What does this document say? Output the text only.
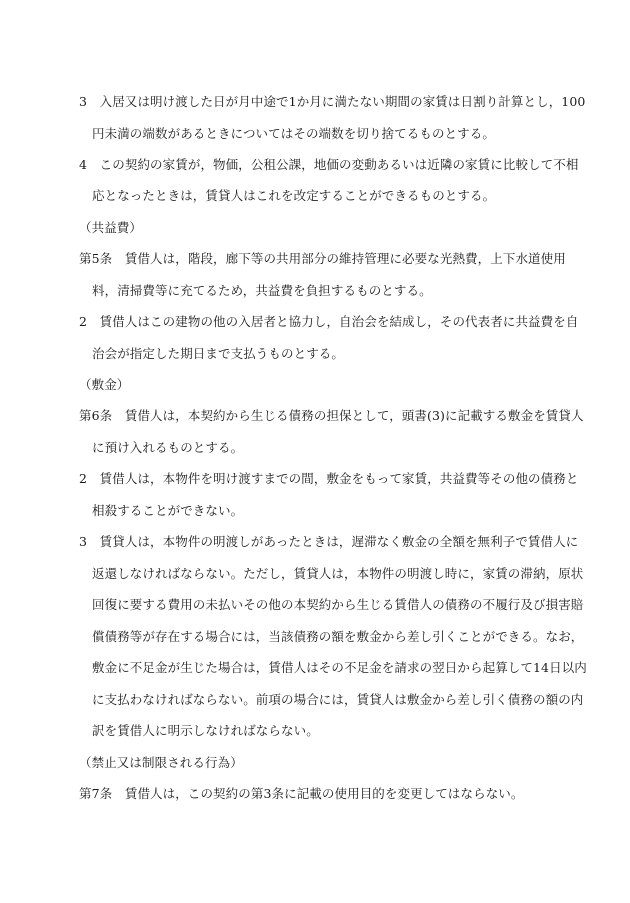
3　入居又は明け渡した日が月中途で1か月に満たない期間の家賃は日割り計算とし，100
円未満の端数があるときについてはその端数を切り捨てるものとする。
4　この契約の家賃が，物価，公租公課，地価の変動あるいは近隣の家賃に比較して不相
応となったときは，賃貸人はこれを改定することができるものとする。
（共益費）
第5条　賃借人は，階段，廊下等の共用部分の維持管理に必要な光熱費，上下水道使用
料，清掃費等に充てるため，共益費を負担するものとする。
2　賃借人はこの建物の他の入居者と協力し，自治会を結成し，その代表者に共益費を自
治会が指定した期日まで支払うものとする。
（敷金）
第6条　賃借人は，本契約から生じる債務の担保として，頭書(3)に記載する敷金を賃貸人
に預け入れるものとする。
2　賃借人は，本物件を明け渡すまでの間，敷金をもって家賃，共益費等その他の債務と
相殺することができない。
3　賃貸人は，本物件の明渡しがあったときは，遅滞なく敷金の全額を無利子で賃借人に
返還しなければならない。ただし，賃貸人は，本物件の明渡し時に，家賃の滞納，原状
回復に要する費用の未払いその他の本契約から生じる賃借人の債務の不履行及び損害賠
償債務等が存在する場合には，当該債務の額を敷金から差し引くことができる。なお，
敷金に不足金が生じた場合は，賃借人はその不足金を請求の翌日から起算して14日以内
に支払わなければならない。前項の場合には，賃貸人は敷金から差し引く債務の額の内
訳を賃借人に明示しなければならない。
（禁止又は制限される行為）
第7条　賃借人は，この契約の第3条に記載の使用目的を変更してはならない。
